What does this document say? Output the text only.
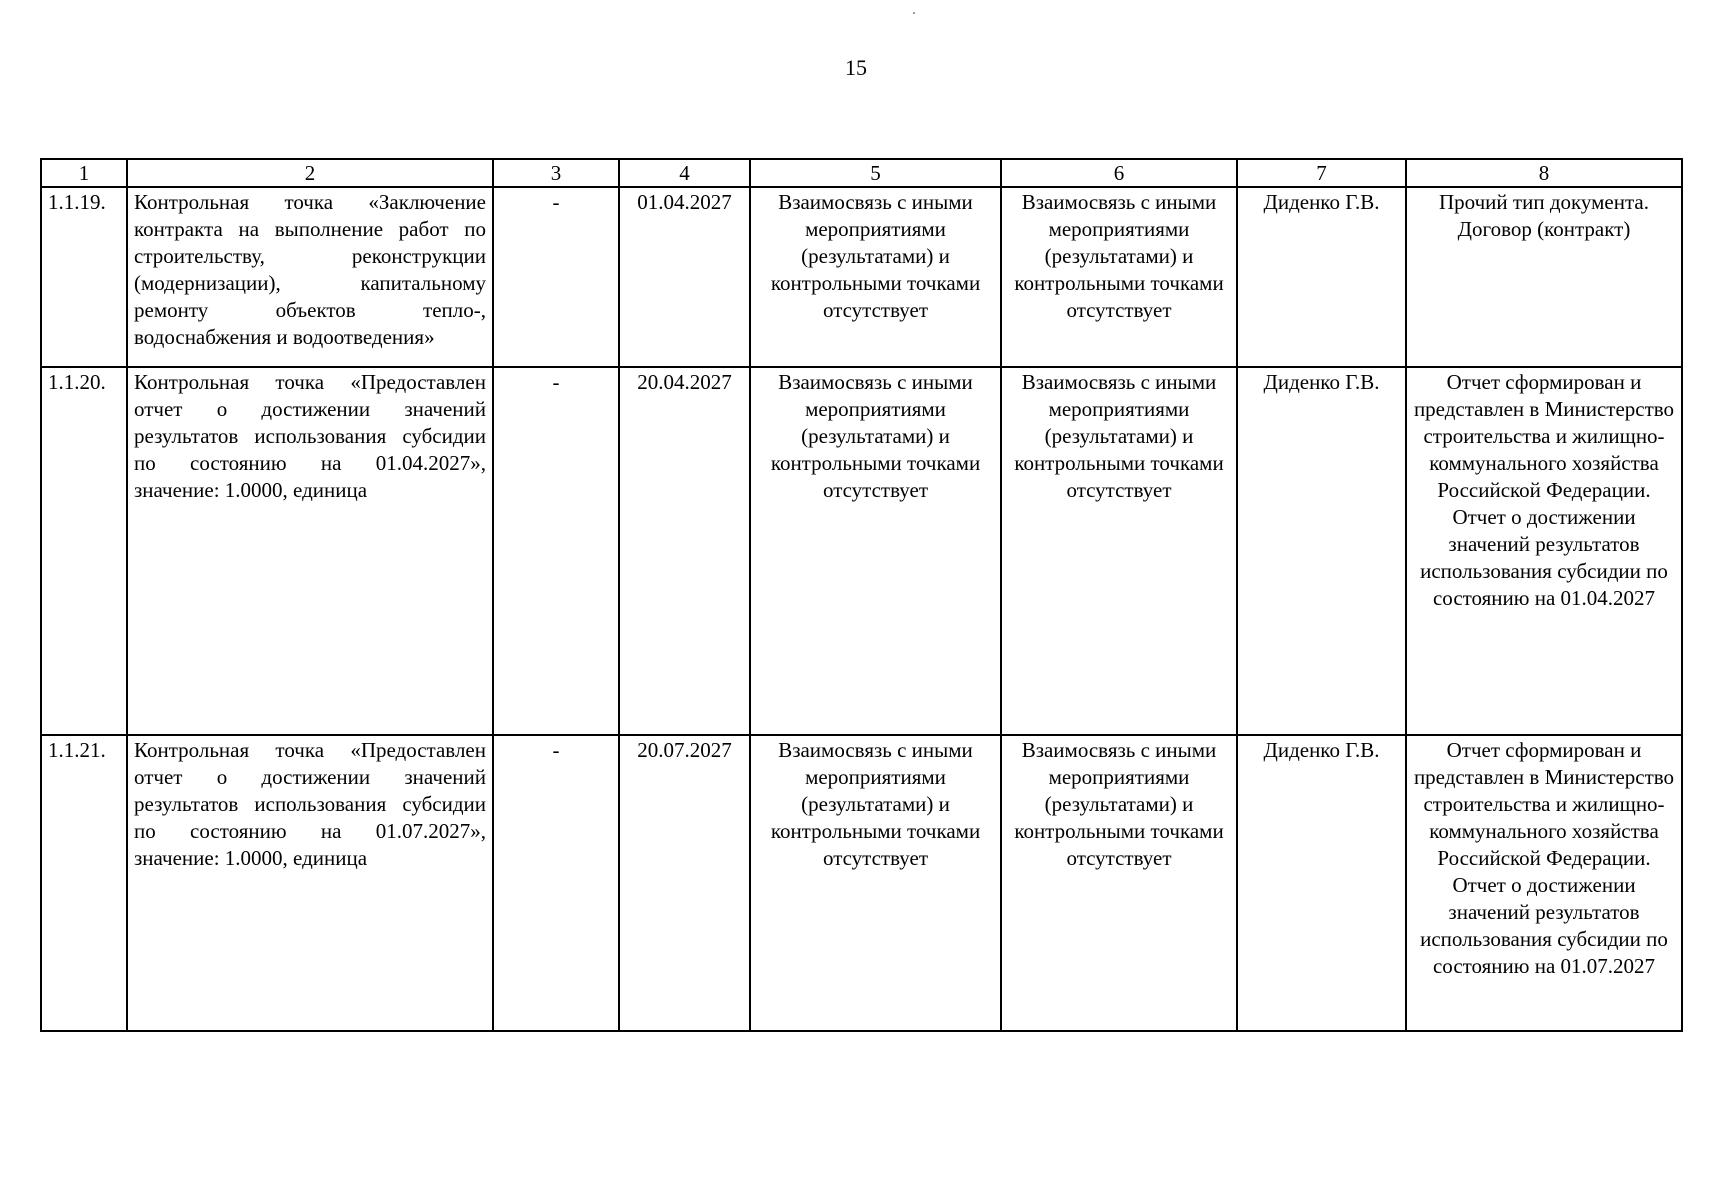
15
1	2	3	4	5	6	7	8
1.1.19.	Контрольная точка «Заключение контракта на выполнение работ по строительству, реконструкции (модернизации), капитальному ремонту объектов тепло-, водоснабжения и водоотведения»	-	01.04.2027	Взаимосвязь с иными мероприятиями (результатами) и контрольными точками отсутствует	Взаимосвязь с иными мероприятиями (результатами) и контрольными точками отсутствует	Диденко Г.В.	Прочий тип документа. Договор (контракт)
1.1.20.	Контрольная точка «Предоставлен отчет о достижении значений результатов использования субсидии по состоянию на 01.04.2027», значение: 1.0000, единица	-	20.04.2027	Взаимосвязь с иными мероприятиями (результатами) и контрольными точками отсутствует	Взаимосвязь с иными мероприятиями (результатами) и контрольными точками отсутствует	Диденко Г.В.	Отчет сформирован и представлен в Министерство строительства и жилищно-коммунального хозяйства Российской Федерации. Отчет о достижении значений результатов использования субсидии по состоянию на 01.04.2027
1.1.21.	Контрольная точка «Предоставлен отчет о достижении значений результатов использования субсидии по состоянию на 01.07.2027», значение: 1.0000, единица	-	20.07.2027	Взаимосвязь с иными мероприятиями (результатами) и контрольными точками отсутствует	Взаимосвязь с иными мероприятиями (результатами) и контрольными точками отсутствует	Диденко Г.В.	Отчет сформирован и представлен в Министерство строительства и жилищно-коммунального хозяйства Российской Федерации. Отчет о достижении значений результатов использования субсидии по состоянию на 01.07.2027
